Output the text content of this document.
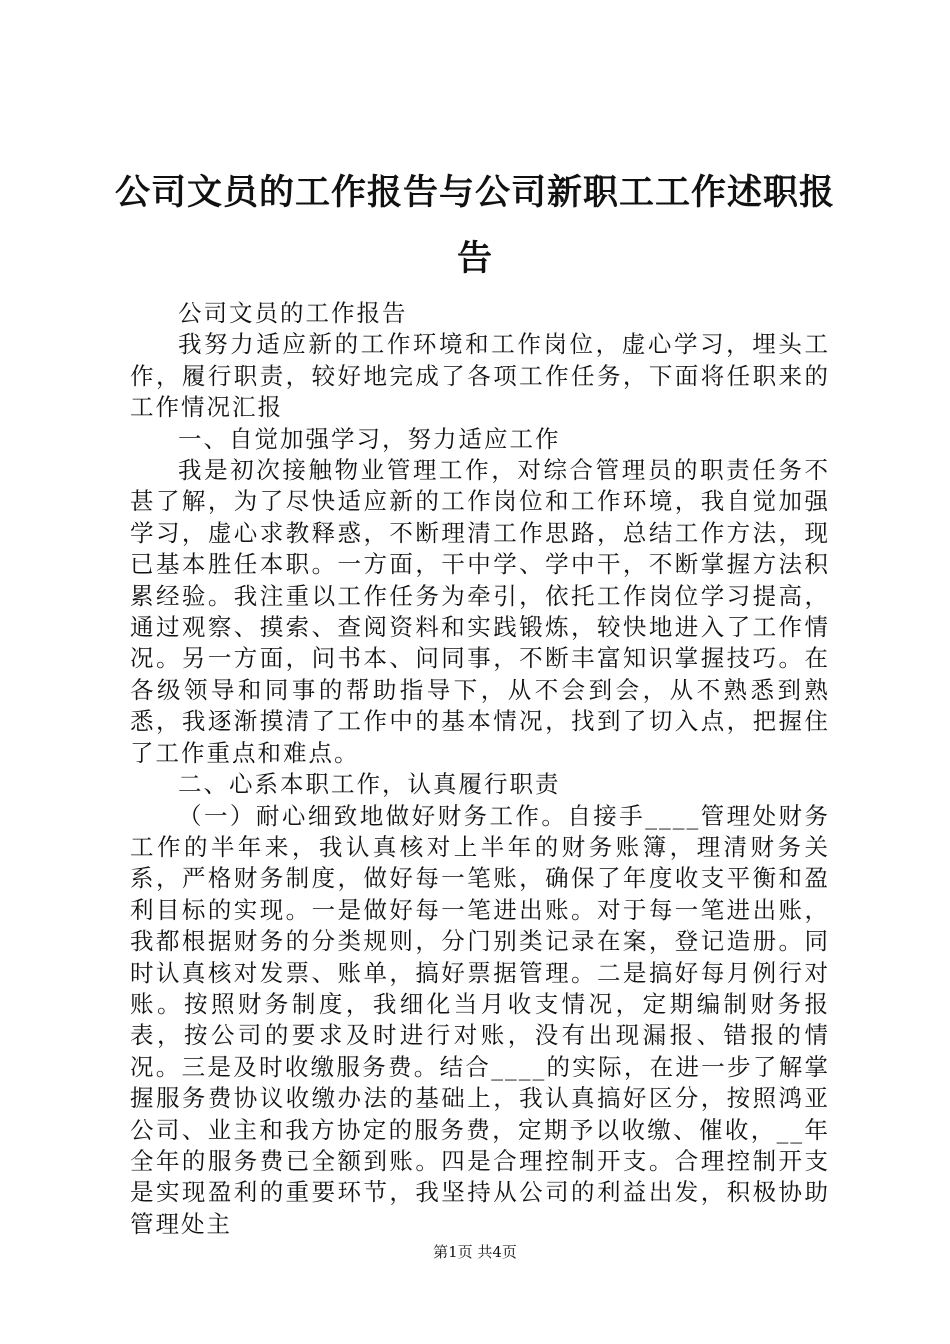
公司文员的工作报告与公司新职工工作述职报告

公司文员的工作报告

我努力适应新的工作环境和工作岗位，虚心学习，埋头工作，履行职责，较好地完成了各项工作任务，下面将任职来的工作情况汇报

一、自觉加强学习，努力适应工作

我是初次接触物业管理工作，对综合管理员的职责任务不甚了解，为了尽快适应新的工作岗位和工作环境，我自觉加强学习，虚心求教释惑，不断理清工作思路，总结工作方法，现已基本胜任本职。一方面，干中学、学中干，不断掌握方法积累经验。我注重以工作任务为牵引，依托工作岗位学习提高，通过观察、摸索、查阅资料和实践锻炼，较快地进入了工作情况。另一方面，问书本、问同事，不断丰富知识掌握技巧。在各级领导和同事的帮助指导下，从不会到会，从不熟悉到熟悉，我逐渐摸清了工作中的基本情况，找到了切入点，把握住了工作重点和难点。

二、心系本职工作，认真履行职责

（一）耐心细致地做好财务工作。自接手____管理处财务工作的半年来，我认真核对上半年的财务账簿，理清财务关系，严格财务制度，做好每一笔账，确保了年度收支平衡和盈利目标的实现。一是做好每一笔进出账。对于每一笔进出账，我都根据财务的分类规则，分门别类记录在案，登记造册。同时认真核对发票、账单，搞好票据管理。二是搞好每月例行对账。按照财务制度，我细化当月收支情况，定期编制财务报表，按公司的要求及时进行对账，没有出现漏报、错报的情况。三是及时收缴服务费。结合____的实际，在进一步了解掌握服务费协议收缴办法的基础上，我认真搞好区分，按照鸿亚公司、业主和我方协定的服务费，定期予以收缴、催收，__年全年的服务费已全额到账。四是合理控制开支。合理控制开支是实现盈利的重要环节，我坚持从公司的利益出发，积极协助管理处主

第1页 共4页
